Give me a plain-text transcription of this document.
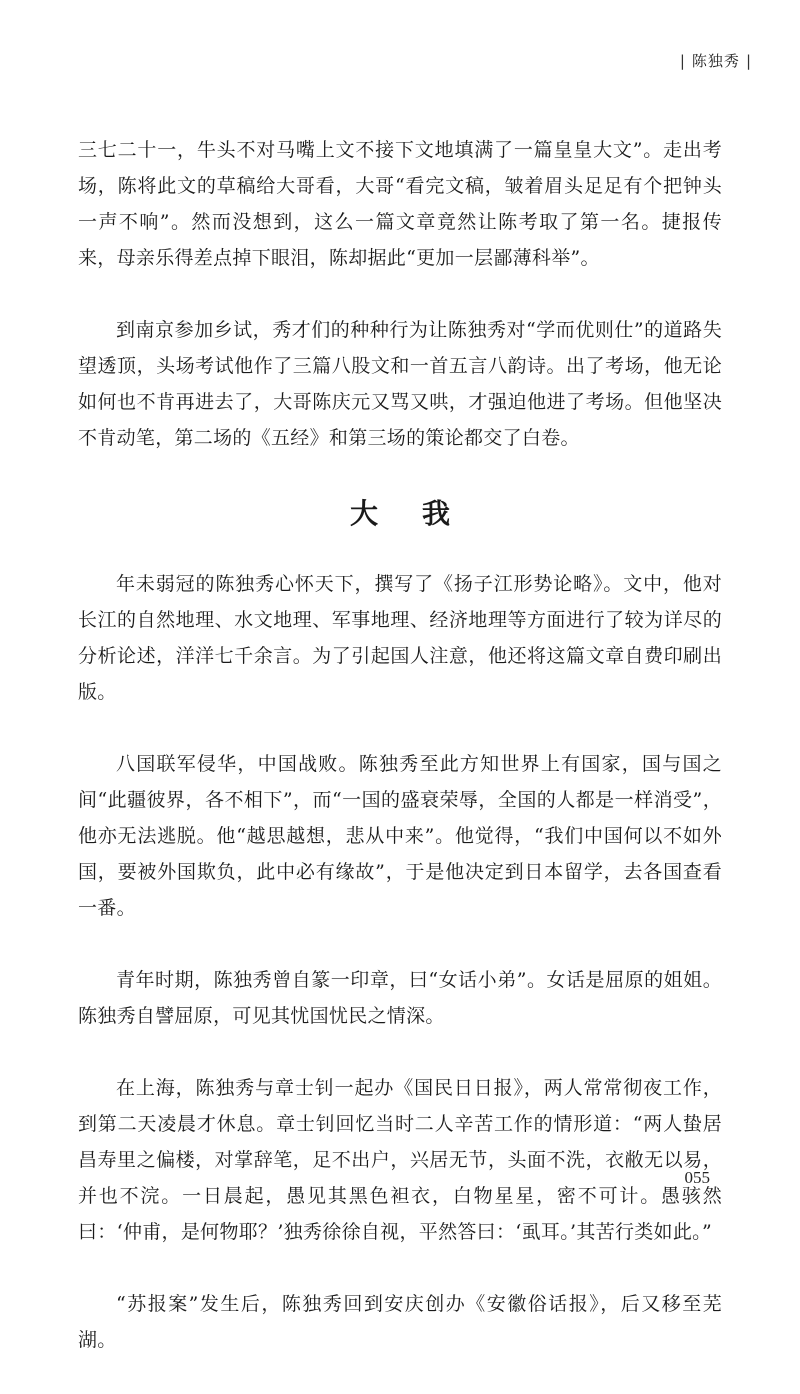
| 陈独秀 |

三七二十一，牛头不对马嘴上文不接下文地填满了一篇皇皇大文”。走出考场，陈将此文的草稿给大哥看，大哥“看完文稿，皱着眉头足足有个把钟头一声不响”。然而没想到，这么一篇文章竟然让陈考取了第一名。捷报传来，母亲乐得差点掉下眼泪，陈却据此“更加一层鄙薄科举”。

到南京参加乡试，秀才们的种种行为让陈独秀对“学而优则仕”的道路失望透顶，头场考试他作了三篇八股文和一首五言八韵诗。出了考场，他无论如何也不肯再进去了，大哥陈庆元又骂又哄，才强迫他进了考场。但他坚决不肯动笔，第二场的《五经》和第三场的策论都交了白卷。

大我

年未弱冠的陈独秀心怀天下，撰写了《扬子江形势论略》。文中，他对长江的自然地理、水文地理、军事地理、经济地理等方面进行了较为详尽的分析论述，洋洋七千余言。为了引起国人注意，他还将这篇文章自费印刷出版。

八国联军侵华，中国战败。陈独秀至此方知世界上有国家，国与国之间“此疆彼界，各不相下”，而“一国的盛衰荣辱，全国的人都是一样消受”，他亦无法逃脱。他“越思越想，悲从中来”。他觉得，“我们中国何以不如外国，要被外国欺负，此中必有缘故”，于是他决定到日本留学，去各国查看一番。

青年时期，陈独秀曾自篆一印章，曰“女话小弟”。女话是屈原的姐姐。陈独秀自譬屈原，可见其忧国忧民之情深。

在上海，陈独秀与章士钊一起办《国民日日报》，两人常常彻夜工作，到第二天凌晨才休息。章士钊回忆当时二人辛苦工作的情形道：“两人蛰居昌寿里之偏楼，对掌辞笔，足不出户，兴居无节，头面不洗，衣敝无以易，并也不浣。一日晨起，愚见其黑色袒衣，白物星星，密不可计。愚骇然曰：‘仲甫，是何物耶？’独秀徐徐自视，平然答曰：‘虱耳。’其苦行类如此。”

“苏报案”发生后，陈独秀回到安庆创办《安徽俗话报》，后又移至芜湖。

055
